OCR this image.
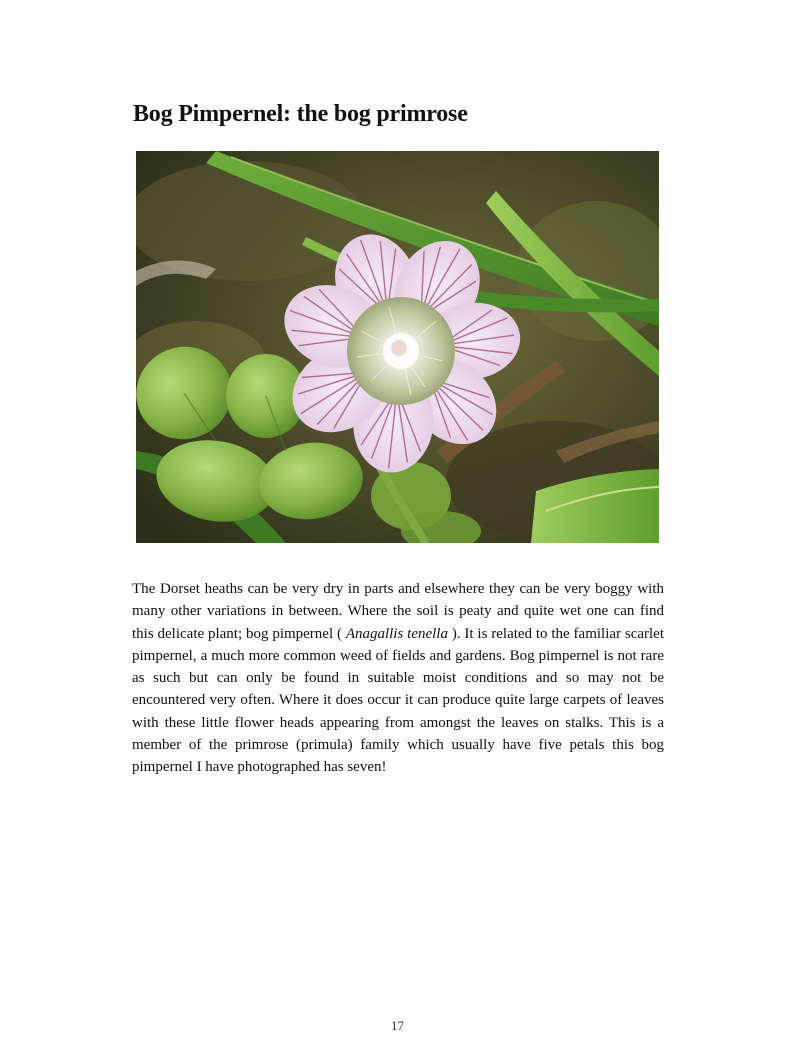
Bog Pimpernel: the bog primrose

The Dorset heaths can be very dry in parts and elsewhere they can be very boggy with many other variations in between. Where the soil is peaty and quite wet one can find this delicate plant; bog pimpernel ( Anagallis tenella ). It is related to the familiar scarlet pimpernel, a much more common weed of fields and gardens. Bog pimpernel is not rare as such but can only be found in suitable moist conditions and so may not be encountered very often. Where it does occur it can produce quite large carpets of leaves with these little flower heads appearing from amongst the leaves on stalks. This is a member of the primrose (primula) family which usually have five petals this bog pimpernel I have photographed has seven!

17
